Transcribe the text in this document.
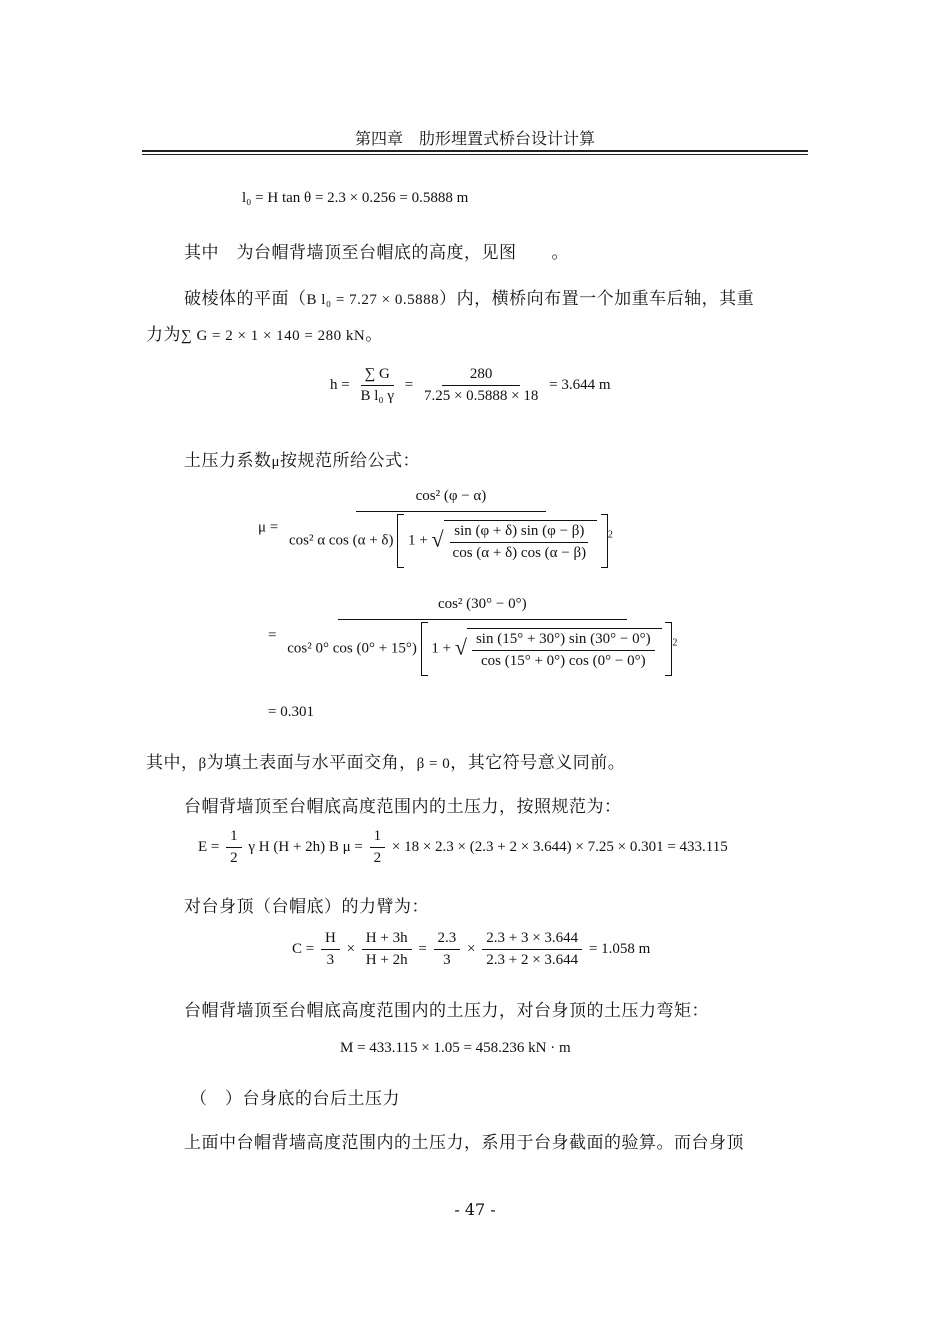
第四章　肋形埋置式桥台设计计算
l₀ = H tan θ = 2.3 × 0.256 = 0.5888 m
其中　为台帽背墙顶至台帽底的高度，见图　　。
破棱体的平面（B l₀ = 7.27 × 0.5888）内，横桥向布置一个加重车后轴，其重
力为∑ G = 2 × 1 × 140 = 280 kN。
$h = \frac{\sum G}{\text{B l₀ γ}} = \frac{280}{7.25 \times 0.5888 \times 18} = 3.644$ m
土压力系数μ按规范所给公式：
μ =
cos² (φ − α)
cos² α cos (α + δ) 1 + √ $\frac{\sin (\varphi + \delta) \sin (\varphi - \beta)}{\cos (\alpha + \delta) \cos (\alpha - \beta)} ^2$
=
cos² (30° − 0°)
cos² 0° cos (0° + 15°) 1 + √ $\frac{\sin (15^\circ + 30^\circ) \sin (30^\circ - 0^\circ)}{\cos (15^\circ + 0^\circ) \cos (0^\circ - 0^\circ)} ^2$
= 0.301
其中，β为填土表面与水平面交角，β = 0，其它符号意义同前。
台帽背墙顶至台帽底高度范围内的土压力，按照规范为：
$E = \frac{1}{2}$ γ H (H + 2h) B $\mu = \frac{1}{2} \times 18 \times 2.3 \times (2.3 + 2 \times 3.644) \times 7.25 \times 0.301 = 433.115$
对台身顶（台帽底）的力臂为：
$C = \frac{H}{3} \times \frac{H + 3h}{H + 2h} = \frac{2.3}{3} \times \frac{2.3 + 3 \times 3.644}{2.3 + 2 \times 3.644} = 1.058$ m
台帽背墙顶至台帽底高度范围内的土压力，对台身顶的土压力弯矩：
M = 433.115 × 1.05 = 458.236 kN · m
（　）台身底的台后土压力
上面中台帽背墙高度范围内的土压力，系用于台身截面的验算。而台身顶
- 47 -
